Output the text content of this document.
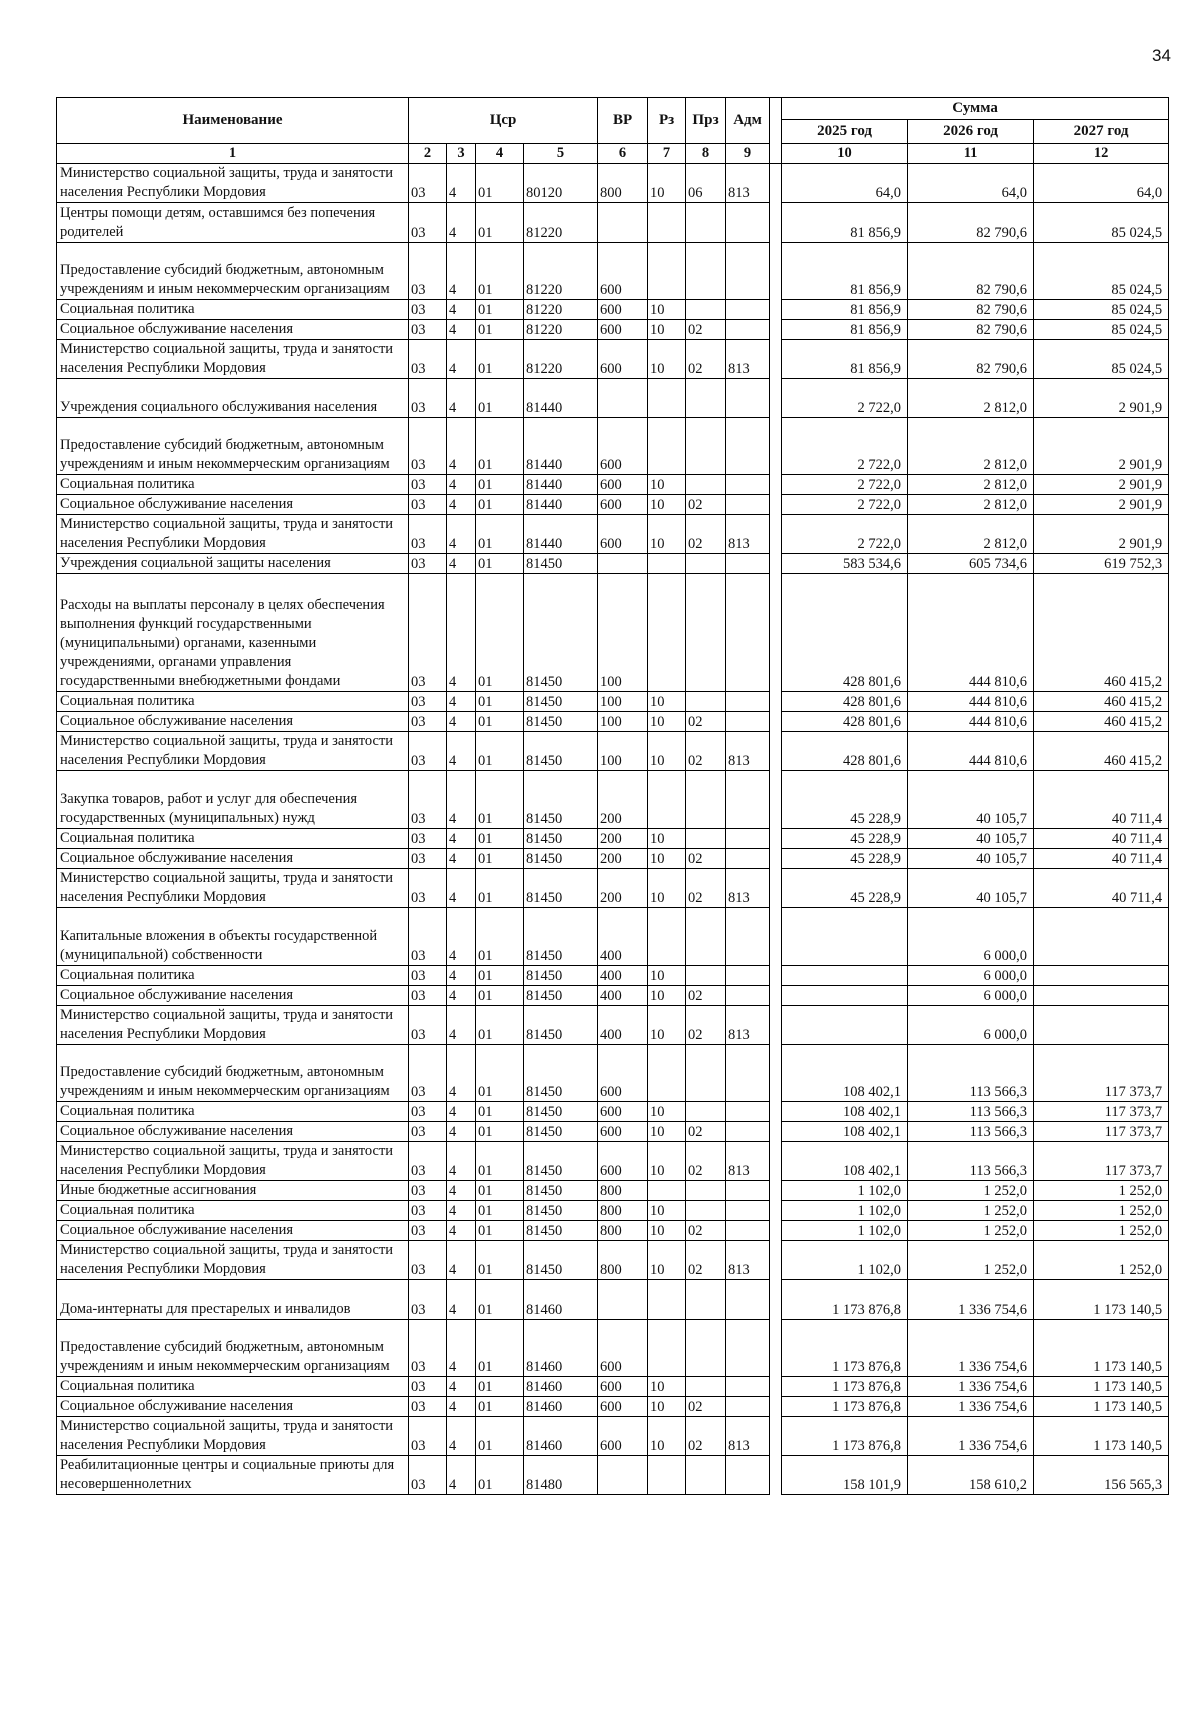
34
Наименование	Цср				ВР	Рз	Прз	Адм		Сумма		
										2025 год	2026 год	2027 год
1	2	3	4	5	6	7	8	9		10	11	12
Министерство социальной защиты, труда и занятости населения Республики Мордовия	03	4	01	80120	800	10	06	813		64,0	64,0	64,0
Центры помощи детям, оставшимся без попечения родителей	03	4	01	81220						81 856,9	82 790,6	85 024,5
Предоставление субсидий бюджетным, автономным учреждениям и иным некоммерческим организациям	03	4	01	81220	600					81 856,9	82 790,6	85 024,5
Социальная политика	03	4	01	81220	600	10				81 856,9	82 790,6	85 024,5
Социальное обслуживание населения	03	4	01	81220	600	10	02			81 856,9	82 790,6	85 024,5
Министерство социальной защиты, труда и занятости населения Республики Мордовия	03	4	01	81220	600	10	02	813		81 856,9	82 790,6	85 024,5
Учреждения социального обслуживания населения	03	4	01	81440						2 722,0	2 812,0	2 901,9
Предоставление субсидий бюджетным, автономным учреждениям и иным некоммерческим организациям	03	4	01	81440	600					2 722,0	2 812,0	2 901,9
Социальная политика	03	4	01	81440	600	10				2 722,0	2 812,0	2 901,9
Социальное обслуживание населения	03	4	01	81440	600	10	02			2 722,0	2 812,0	2 901,9
Министерство социальной защиты, труда и занятости населения Республики Мордовия	03	4	01	81440	600	10	02	813		2 722,0	2 812,0	2 901,9
Учреждения социальной защиты населения	03	4	01	81450						583 534,6	605 734,6	619 752,3
Расходы на выплаты персоналу в целях обеспечения выполнения функций государственными (муниципальными) органами, казенными учреждениями, органами управления государственными внебюджетными фондами	03	4	01	81450	100					428 801,6	444 810,6	460 415,2
Социальная политика	03	4	01	81450	100	10				428 801,6	444 810,6	460 415,2
Социальное обслуживание населения	03	4	01	81450	100	10	02			428 801,6	444 810,6	460 415,2
Министерство социальной защиты, труда и занятости населения Республики Мордовия	03	4	01	81450	100	10	02	813		428 801,6	444 810,6	460 415,2
Закупка товаров, работ и услуг для обеспечения государственных (муниципальных) нужд	03	4	01	81450	200					45 228,9	40 105,7	40 711,4
Социальная политика	03	4	01	81450	200	10				45 228,9	40 105,7	40 711,4
Социальное обслуживание населения	03	4	01	81450	200	10	02			45 228,9	40 105,7	40 711,4
Министерство социальной защиты, труда и занятости населения Республики Мордовия	03	4	01	81450	200	10	02	813		45 228,9	40 105,7	40 711,4
Капитальные вложения в объекты государственной (муниципальной) собственности	03	4	01	81450	400						6 000,0	
Социальная политика	03	4	01	81450	400	10					6 000,0	
Социальное обслуживание населения	03	4	01	81450	400	10	02				6 000,0	
Министерство социальной защиты, труда и занятости населения Республики Мордовия	03	4	01	81450	400	10	02	813			6 000,0	
Предоставление субсидий бюджетным, автономным учреждениям и иным некоммерческим организациям	03	4	01	81450	600					108 402,1	113 566,3	117 373,7
Социальная политика	03	4	01	81450	600	10				108 402,1	113 566,3	117 373,7
Социальное обслуживание населения	03	4	01	81450	600	10	02			108 402,1	113 566,3	117 373,7
Министерство социальной защиты, труда и занятости населения Республики Мордовия	03	4	01	81450	600	10	02	813		108 402,1	113 566,3	117 373,7
Иные бюджетные ассигнования	03	4	01	81450	800					1 102,0	1 252,0	1 252,0
Социальная политика	03	4	01	81450	800	10				1 102,0	1 252,0	1 252,0
Социальное обслуживание населения	03	4	01	81450	800	10	02			1 102,0	1 252,0	1 252,0
Министерство социальной защиты, труда и занятости населения Республики Мордовия	03	4	01	81450	800	10	02	813		1 102,0	1 252,0	1 252,0
Дома-интернаты для престарелых и инвалидов	03	4	01	81460						1 173 876,8	1 336 754,6	1 173 140,5
Предоставление субсидий бюджетным, автономным учреждениям и иным некоммерческим организациям	03	4	01	81460	600					1 173 876,8	1 336 754,6	1 173 140,5
Социальная политика	03	4	01	81460	600	10				1 173 876,8	1 336 754,6	1 173 140,5
Социальное обслуживание населения	03	4	01	81460	600	10	02			1 173 876,8	1 336 754,6	1 173 140,5
Министерство социальной защиты, труда и занятости населения Республики Мордовия	03	4	01	81460	600	10	02	813		1 173 876,8	1 336 754,6	1 173 140,5
Реабилитационные центры и социальные приюты для несовершеннолетних	03	4	01	81480						158 101,9	158 610,2	156 565,3
